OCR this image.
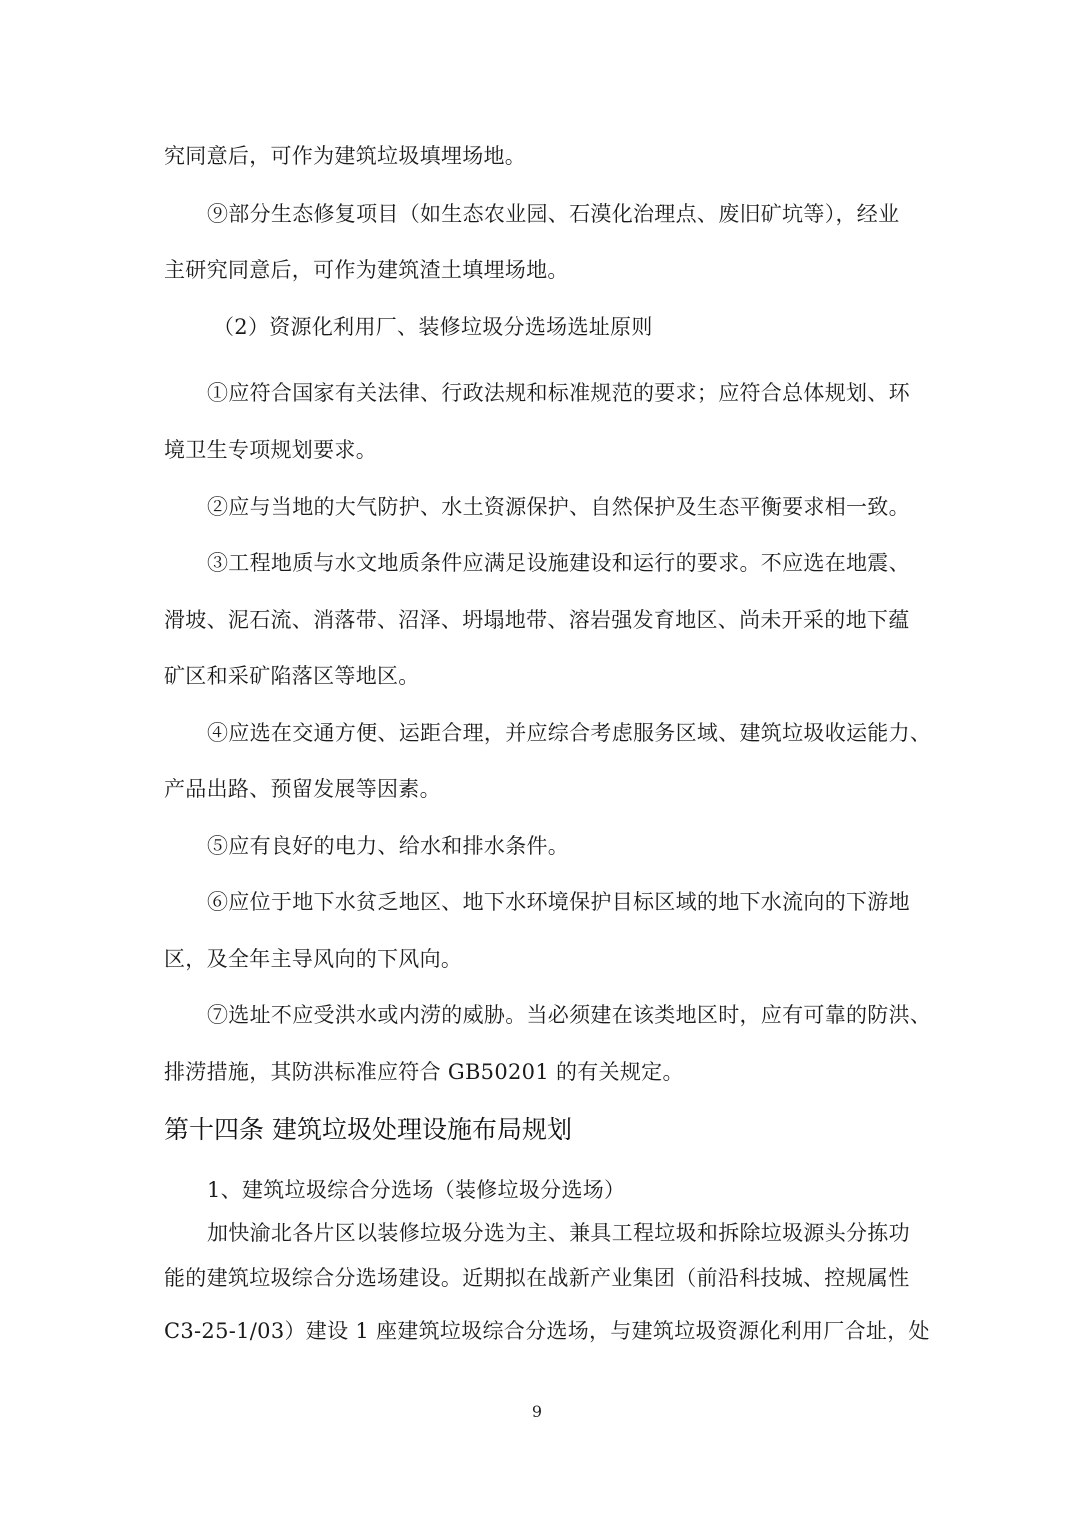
究同意后，可作为建筑垃圾填埋场地。

⑨部分生态修复项目（如生态农业园、石漠化治理点、废旧矿坑等），经业

主研究同意后，可作为建筑渣土填埋场地。

（2）资源化利用厂、装修垃圾分选场选址原则

①应符合国家有关法律、行政法规和标准规范的要求；应符合总体规划、环

境卫生专项规划要求。

②应与当地的大气防护、水土资源保护、自然保护及生态平衡要求相一致。

③工程地质与水文地质条件应满足设施建设和运行的要求。不应选在地震、

滑坡、泥石流、消落带、沼泽、坍塌地带、溶岩强发育地区、尚未开采的地下蕴

矿区和采矿陷落区等地区。

④应选在交通方便、运距合理，并应综合考虑服务区域、建筑垃圾收运能力、

产品出路、预留发展等因素。

⑤应有良好的电力、给水和排水条件。

⑥应位于地下水贫乏地区、地下水环境保护目标区域的地下水流向的下游地

区，及全年主导风向的下风向。

⑦选址不应受洪水或内涝的威胁。当必须建在该类地区时，应有可靠的防洪、

排涝措施，其防洪标准应符合 GB50201 的有关规定。

第十四条 建筑垃圾处理设施布局规划

1、建筑垃圾综合分选场（装修垃圾分选场）

加快渝北各片区以装修垃圾分选为主、兼具工程垃圾和拆除垃圾源头分拣功

能的建筑垃圾综合分选场建设。近期拟在战新产业集团（前沿科技城、控规属性

C3-25-1/03）建设 1 座建筑垃圾综合分选场，与建筑垃圾资源化利用厂合址，处

9
